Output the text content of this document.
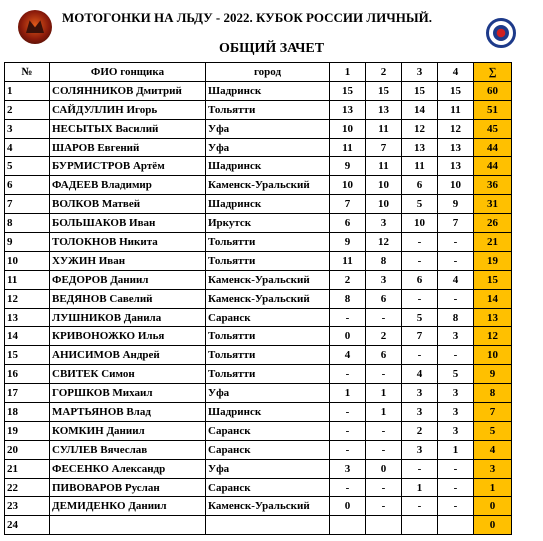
МОТОГОНКИ НА ЛЬДУ - 2022. КУБОК РОССИИ ЛИЧНЫЙ.
ОБЩИЙ ЗАЧЕТ
№	ФИО гонщика	город	1	2	3	4	∑
1	СОЛЯННИКОВ Дмитрий	Шадринск	15	15	15	15	60
2	САЙДУЛЛИН Игорь	Тольятти	13	13	14	11	51
3	НЕСЫТЫХ Василий	Уфа	10	11	12	12	45
4	ШАРОВ Евгений	Уфа	11	7	13	13	44
5	БУРМИСТРОВ Артём	Шадринск	9	11	11	13	44
6	ФАДЕЕВ Владимир	Каменск-Уральский	10	10	6	10	36
7	ВОЛКОВ Матвей	Шадринск	7	10	5	9	31
8	БОЛЬШАКОВ Иван	Иркутск	6	3	10	7	26
9	ТОЛОКНОВ Никита	Тольятти	9	12	-	-	21
10	ХУЖИН Иван	Тольятти	11	8	-	-	19
11	ФЕДОРОВ Даниил	Каменск-Уральский	2	3	6	4	15
12	ВЕДЯНОВ Савелий	Каменск-Уральский	8	6	-	-	14
13	ЛУШНИКОВ Данила	Саранск	-	-	5	8	13
14	КРИВОНОЖКО Илья	Тольятти	0	2	7	3	12
15	АНИСИМОВ Андрей	Тольятти	4	6	-	-	10
16	СВИТЕК Симон	Тольятти	-	-	4	5	9
17	ГОРШКОВ Михаил	Уфа	1	1	3	3	8
18	МАРТЬЯНОВ Влад	Шадринск	-	1	3	3	7
19	КОМКИН Даниил	Саранск	-	-	2	3	5
20	СУЛЛЕВ Вячеслав	Саранск	-	-	3	1	4
21	ФЕСЕНКО Александр	Уфа	3	0	-	-	3
22	ПИВОВАРОВ Руслан	Саранск	-	-	1	-	1
23	ДЕМИДЕНКО Даниил	Каменск-Уральский	0	-	-	-	0
24							0
